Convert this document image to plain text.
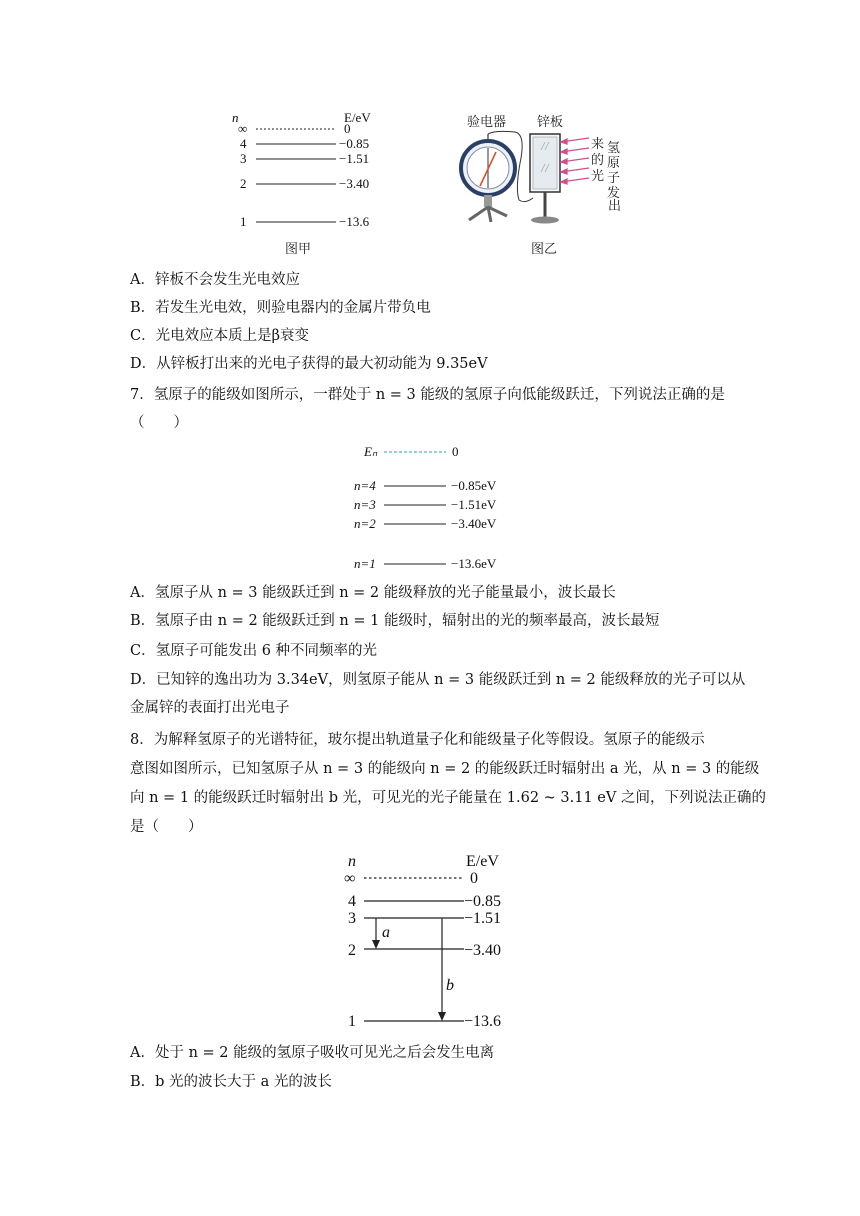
n	E/eV
∞	0
4	−0.85
3	−1.51
2	−3.40
1	−13.6
图甲
验电器 锌板
来
的
光
氢
原
子
发
出
图乙
A．锌板不会发生光电效应
B．若发生光电效，则验电器内的金属片带负电
C．光电效应本质上是β衰变
D．从锌板打出来的光电子获得的最大初动能为 9.35eV
7．氢原子的能级如图所示，一群处于 n = 3 能级的氢原子向低能级跃迁，下列说法正确的是
（　　）
Eₙ	0
n=4	−0.85eV
n=3	−1.51eV
n=2	−3.40eV
n=1	−13.6eV
A．氢原子从 n = 3 能级跃迁到 n = 2 能级释放的光子能量最小，波长最长
B．氢原子由 n = 2 能级跃迁到 n = 1 能级时，辐射出的光的频率最高，波长最短
C．氢原子可能发出 6 种不同频率的光
D．已知锌的逸出功为 3.34eV，则氢原子能从 n = 3 能级跃迁到 n = 2 能级释放的光子可以从
金属锌的表面打出光电子
8．为解释氢原子的光谱特征，玻尔提出轨道量子化和能级量子化等假设。氢原子的能级示
意图如图所示，已知氢原子从 n = 3 的能级向 n = 2 的能级跃迁时辐射出 a 光，从 n = 3 的能级
向 n = 1 的能级跃迁时辐射出 b 光，可见光的光子能量在 1.62 ~ 3.11 eV 之间，下列说法正确的
是（　　）
n	E/eV
∞	0
4	−0.85
3	−1.51
2	−3.40
1	−13.6
a
b
A．处于 n = 2 能级的氢原子吸收可见光之后会发生电离
B．b 光的波长大于 a 光的波长
